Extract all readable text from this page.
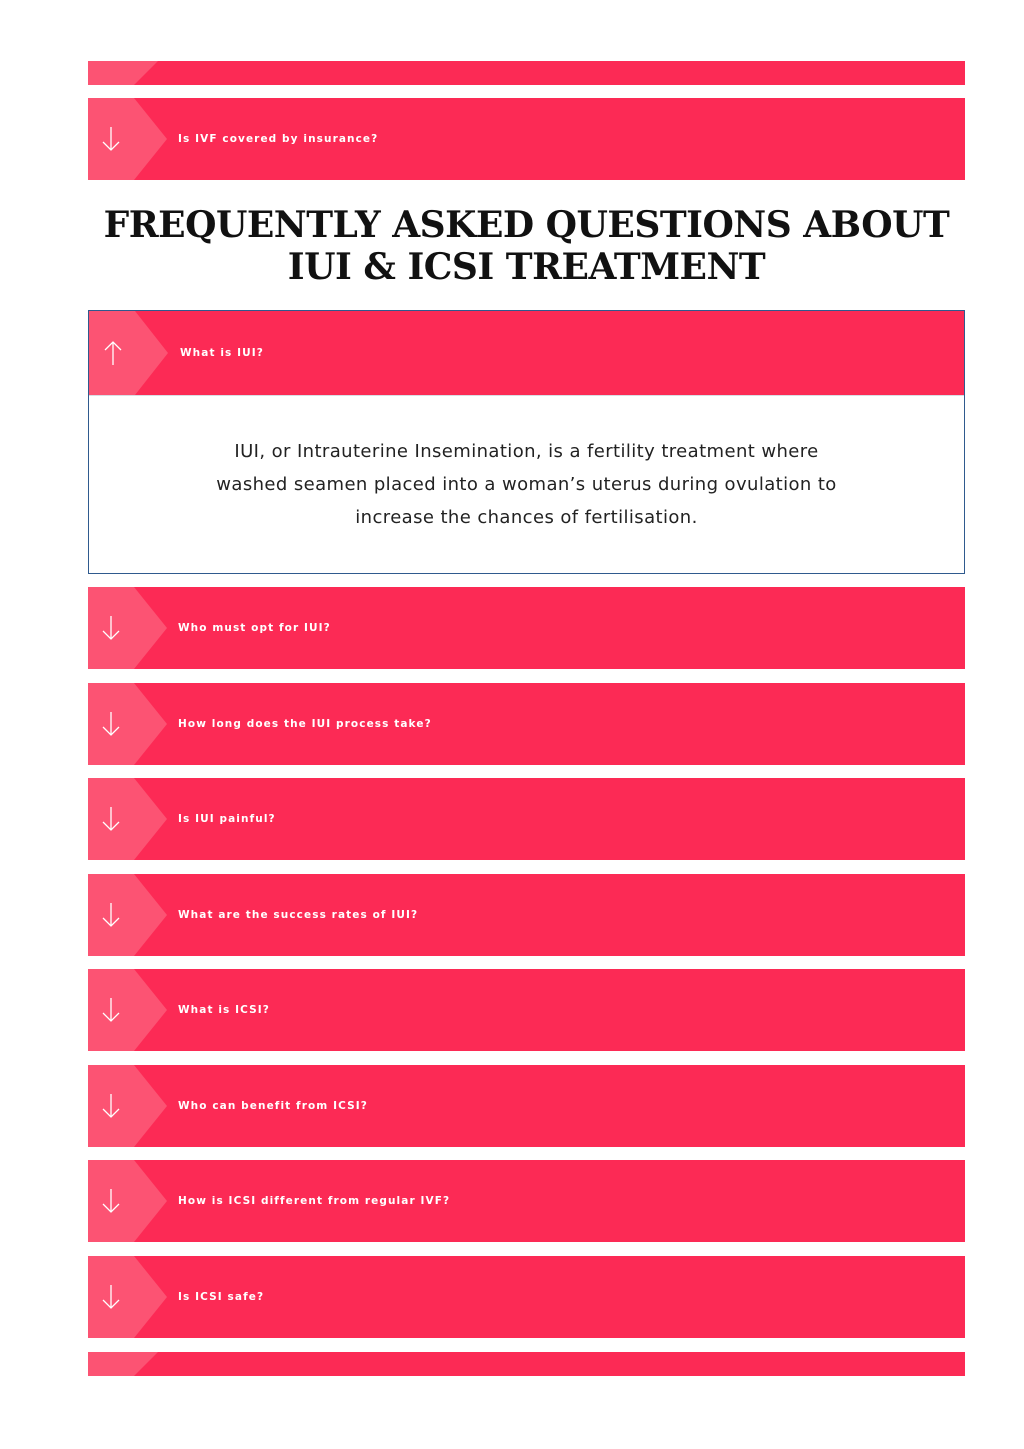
Is IVF covered by insurance?
FREQUENTLY ASKED QUESTIONS ABOUT
IUI & ICSI TREATMENT
What is IUI?

IUI, or Intrauterine Insemination, is a fertility treatment where
washed seamen placed into a woman’s uterus during ovulation to
increase the chances of fertilisation.

Who must opt for IUI?
How long does the IUI process take?
Is IUI painful?
What are the success rates of IUI?
What is ICSI?
Who can benefit from ICSI?
How is ICSI different from regular IVF?
Is ICSI safe?
